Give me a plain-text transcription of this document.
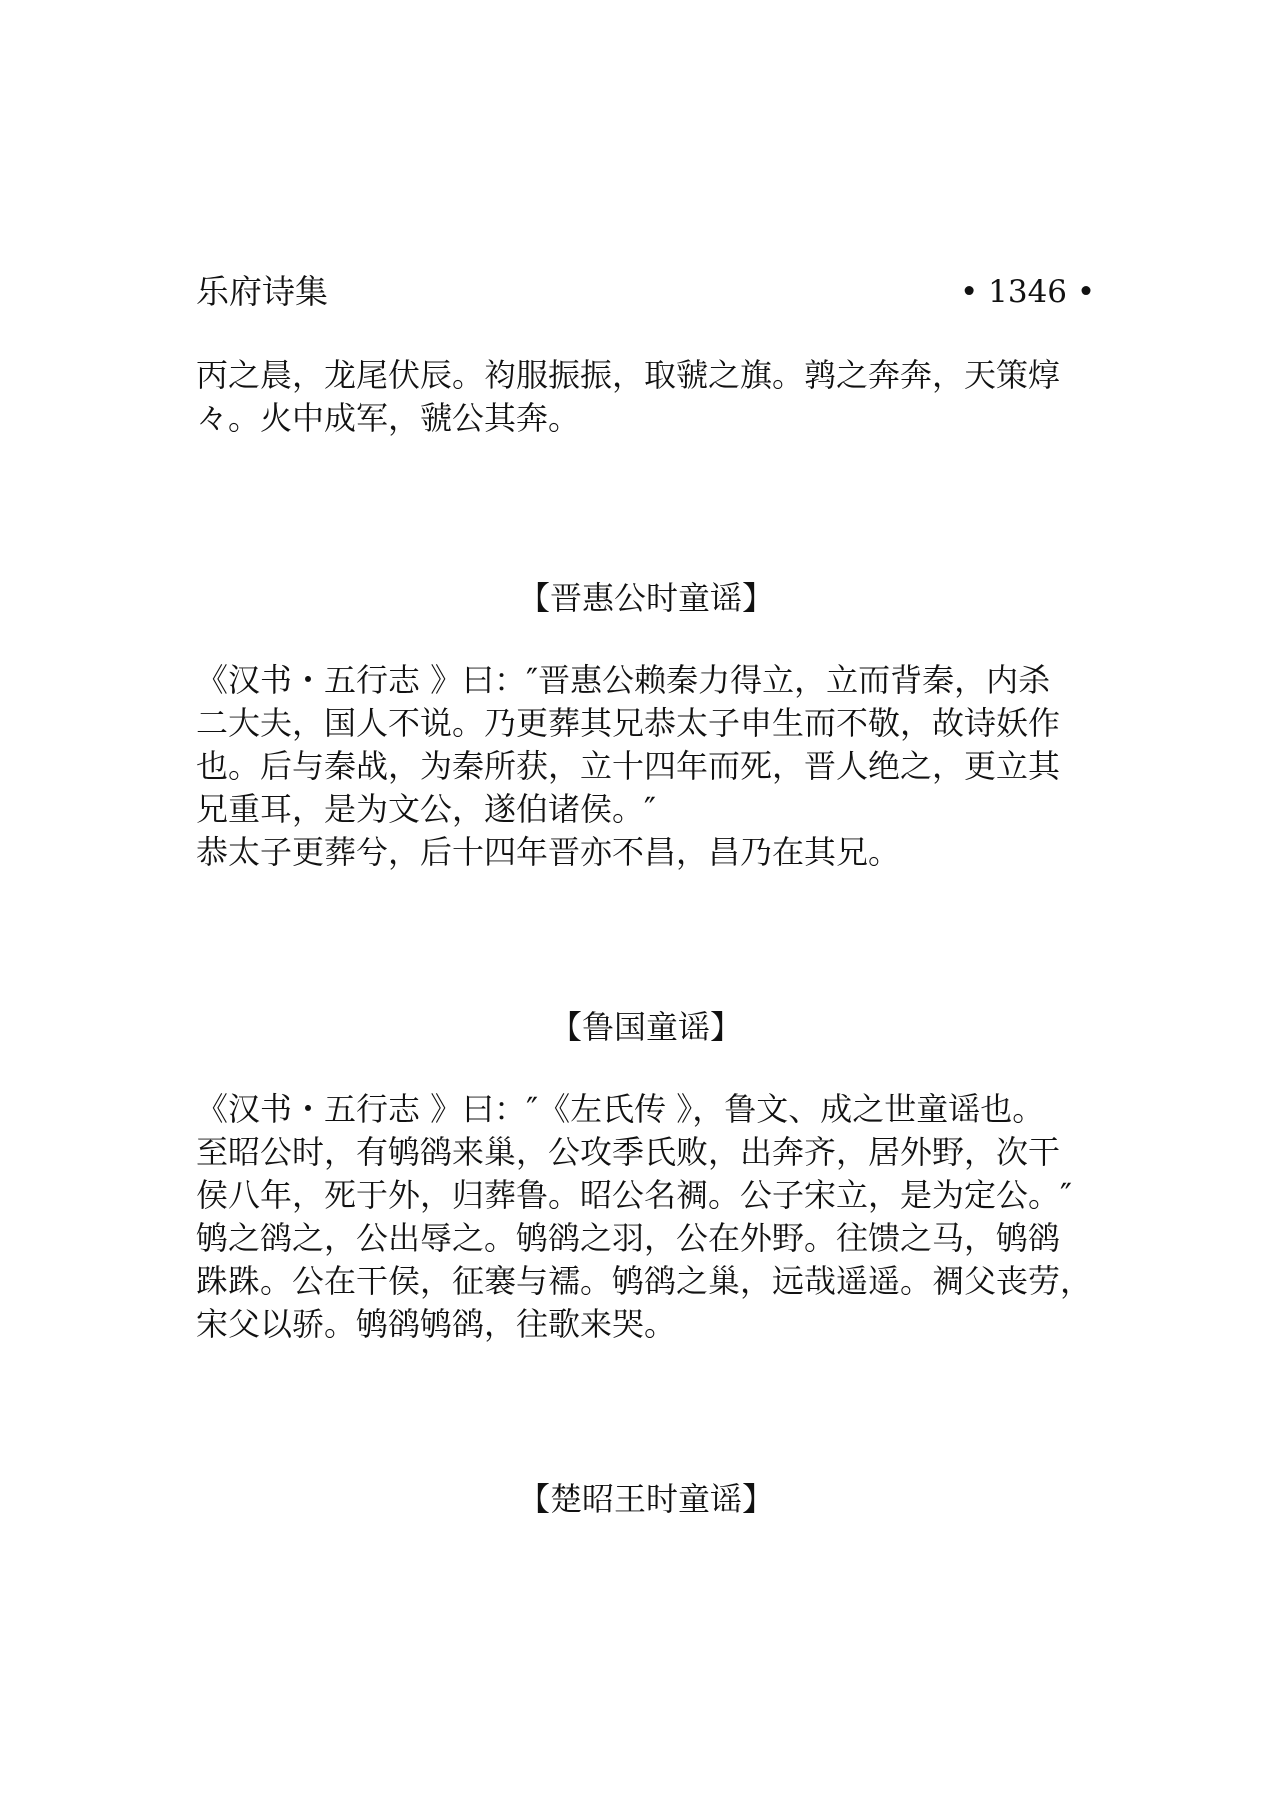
乐府诗集	• 1346 •

丙之晨，龙尾伏辰。袀服振振，取虢之旗。鹑之奔奔，天策焞

々。火中成军，虢公其奔。

【晋惠公时童谣】

《汉书・五行志 》曰：″晋惠公赖秦力得立，立而背秦，内杀

二大夫，国人不说。乃更葬其兄恭太子申生而不敬，故诗妖作

也。后与秦战，为秦所获，立十四年而死，晋人绝之，更立其

兄重耳，是为文公，遂伯诸侯。″

恭太子更葬兮，后十四年晋亦不昌，昌乃在其兄。

【鲁国童谣】

《汉书・五行志 》曰：″《左氏传 》，鲁文、成之世童谣也。

至昭公时，有鸲鹆来巢，公攻季氏败，出奔齐，居外野，次干

侯八年，死于外，归葬鲁。昭公名裯。公子宋立，是为定公。″

鸲之鹆之，公出辱之。鸲鹆之羽，公在外野。往馈之马，鸲鹆

跦跦。公在干侯，征褰与襦。鸲鹆之巢，远哉遥遥。裯父丧劳，

宋父以骄。鸲鹆鸲鹆，往歌来哭。

【楚昭王时童谣】
